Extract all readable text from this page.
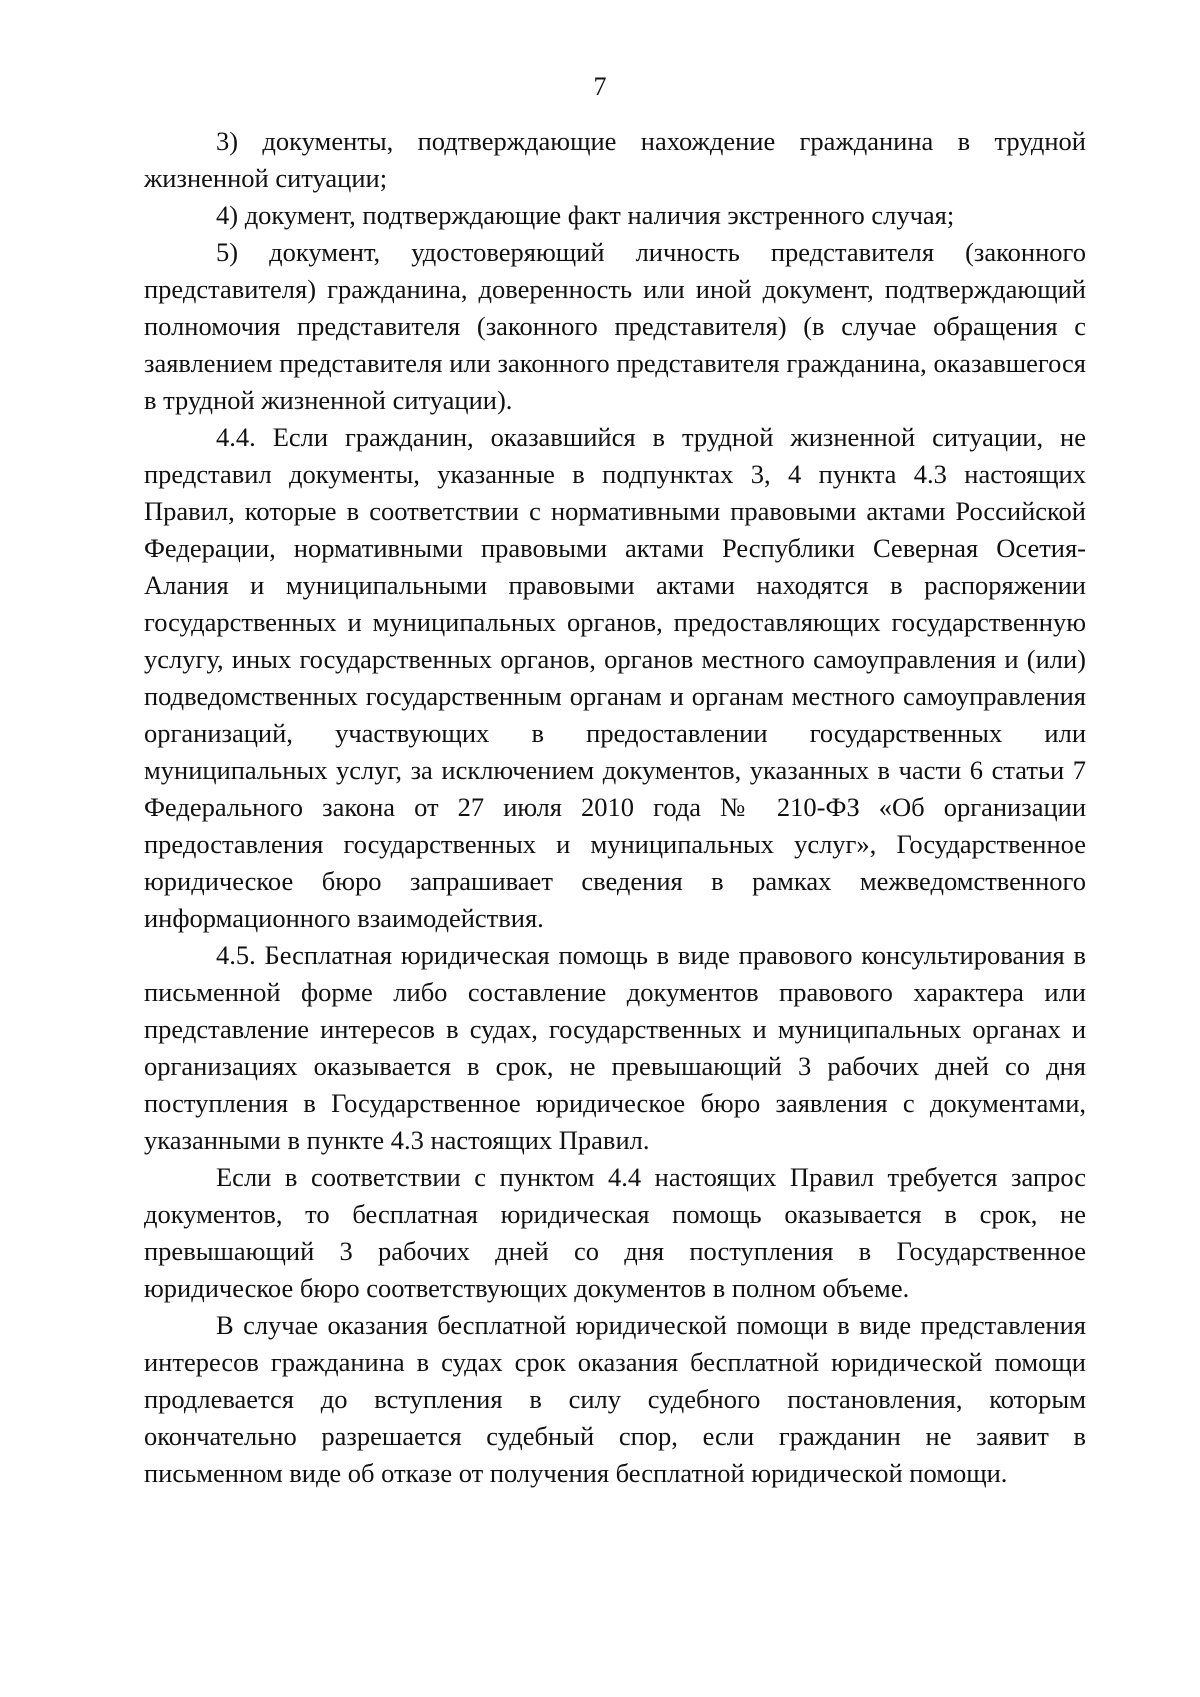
7

3) документы, подтверждающие нахождение гражданина в трудной жизненной ситуации;

4) документ, подтверждающие факт наличия экстренного случая;

5) документ, удостоверяющий личность представителя (законного представителя) гражданина, доверенность или иной документ, подтверждающий полномочия представителя (законного представителя) (в случае обращения с заявлением представителя или законного представителя гражданина, оказавшегося в трудной жизненной ситуации).

4.4. Если гражданин, оказавшийся в трудной жизненной ситуации, не представил документы, указанные в подпунктах 3, 4 пункта 4.3 настоящих Правил, которые в соответствии с нормативными правовыми актами Российской Федерации, нормативными правовыми актами Республики Северная Осетия-Алания и муниципальными правовыми актами находятся в распоряжении государственных и муниципальных органов, предоставляющих государственную услугу, иных государственных органов, органов местного самоуправления и (или) подведомственных государственным органам и органам местного самоуправления организаций, участвующих в предоставлении государственных или муниципальных услуг, за исключением документов, указанных в части 6 статьи 7 Федерального закона от 27 июля 2010 года № 210-ФЗ «Об организации предоставления государственных и муниципальных услуг», Государственное юридическое бюро запрашивает сведения в рамках межведомственного информационного взаимодействия.

4.5. Бесплатная юридическая помощь в виде правового консультирования в письменной форме либо составление документов правового характера или представление интересов в судах, государственных и муниципальных органах и организациях оказывается в срок, не превышающий 3 рабочих дней со дня поступления в Государственное юридическое бюро заявления с документами, указанными в пункте 4.3 настоящих Правил.

Если в соответствии с пунктом 4.4 настоящих Правил требуется запрос документов, то бесплатная юридическая помощь оказывается в срок, не превышающий 3 рабочих дней со дня поступления в Государственное юридическое бюро соответствующих документов в полном объеме.

В случае оказания бесплатной юридической помощи в виде представления интересов гражданина в судах срок оказания бесплатной юридической помощи продлевается до вступления в силу судебного постановления, которым окончательно разрешается судебный спор, если гражданин не заявит в письменном виде об отказе от получения бесплатной юридической помощи.
